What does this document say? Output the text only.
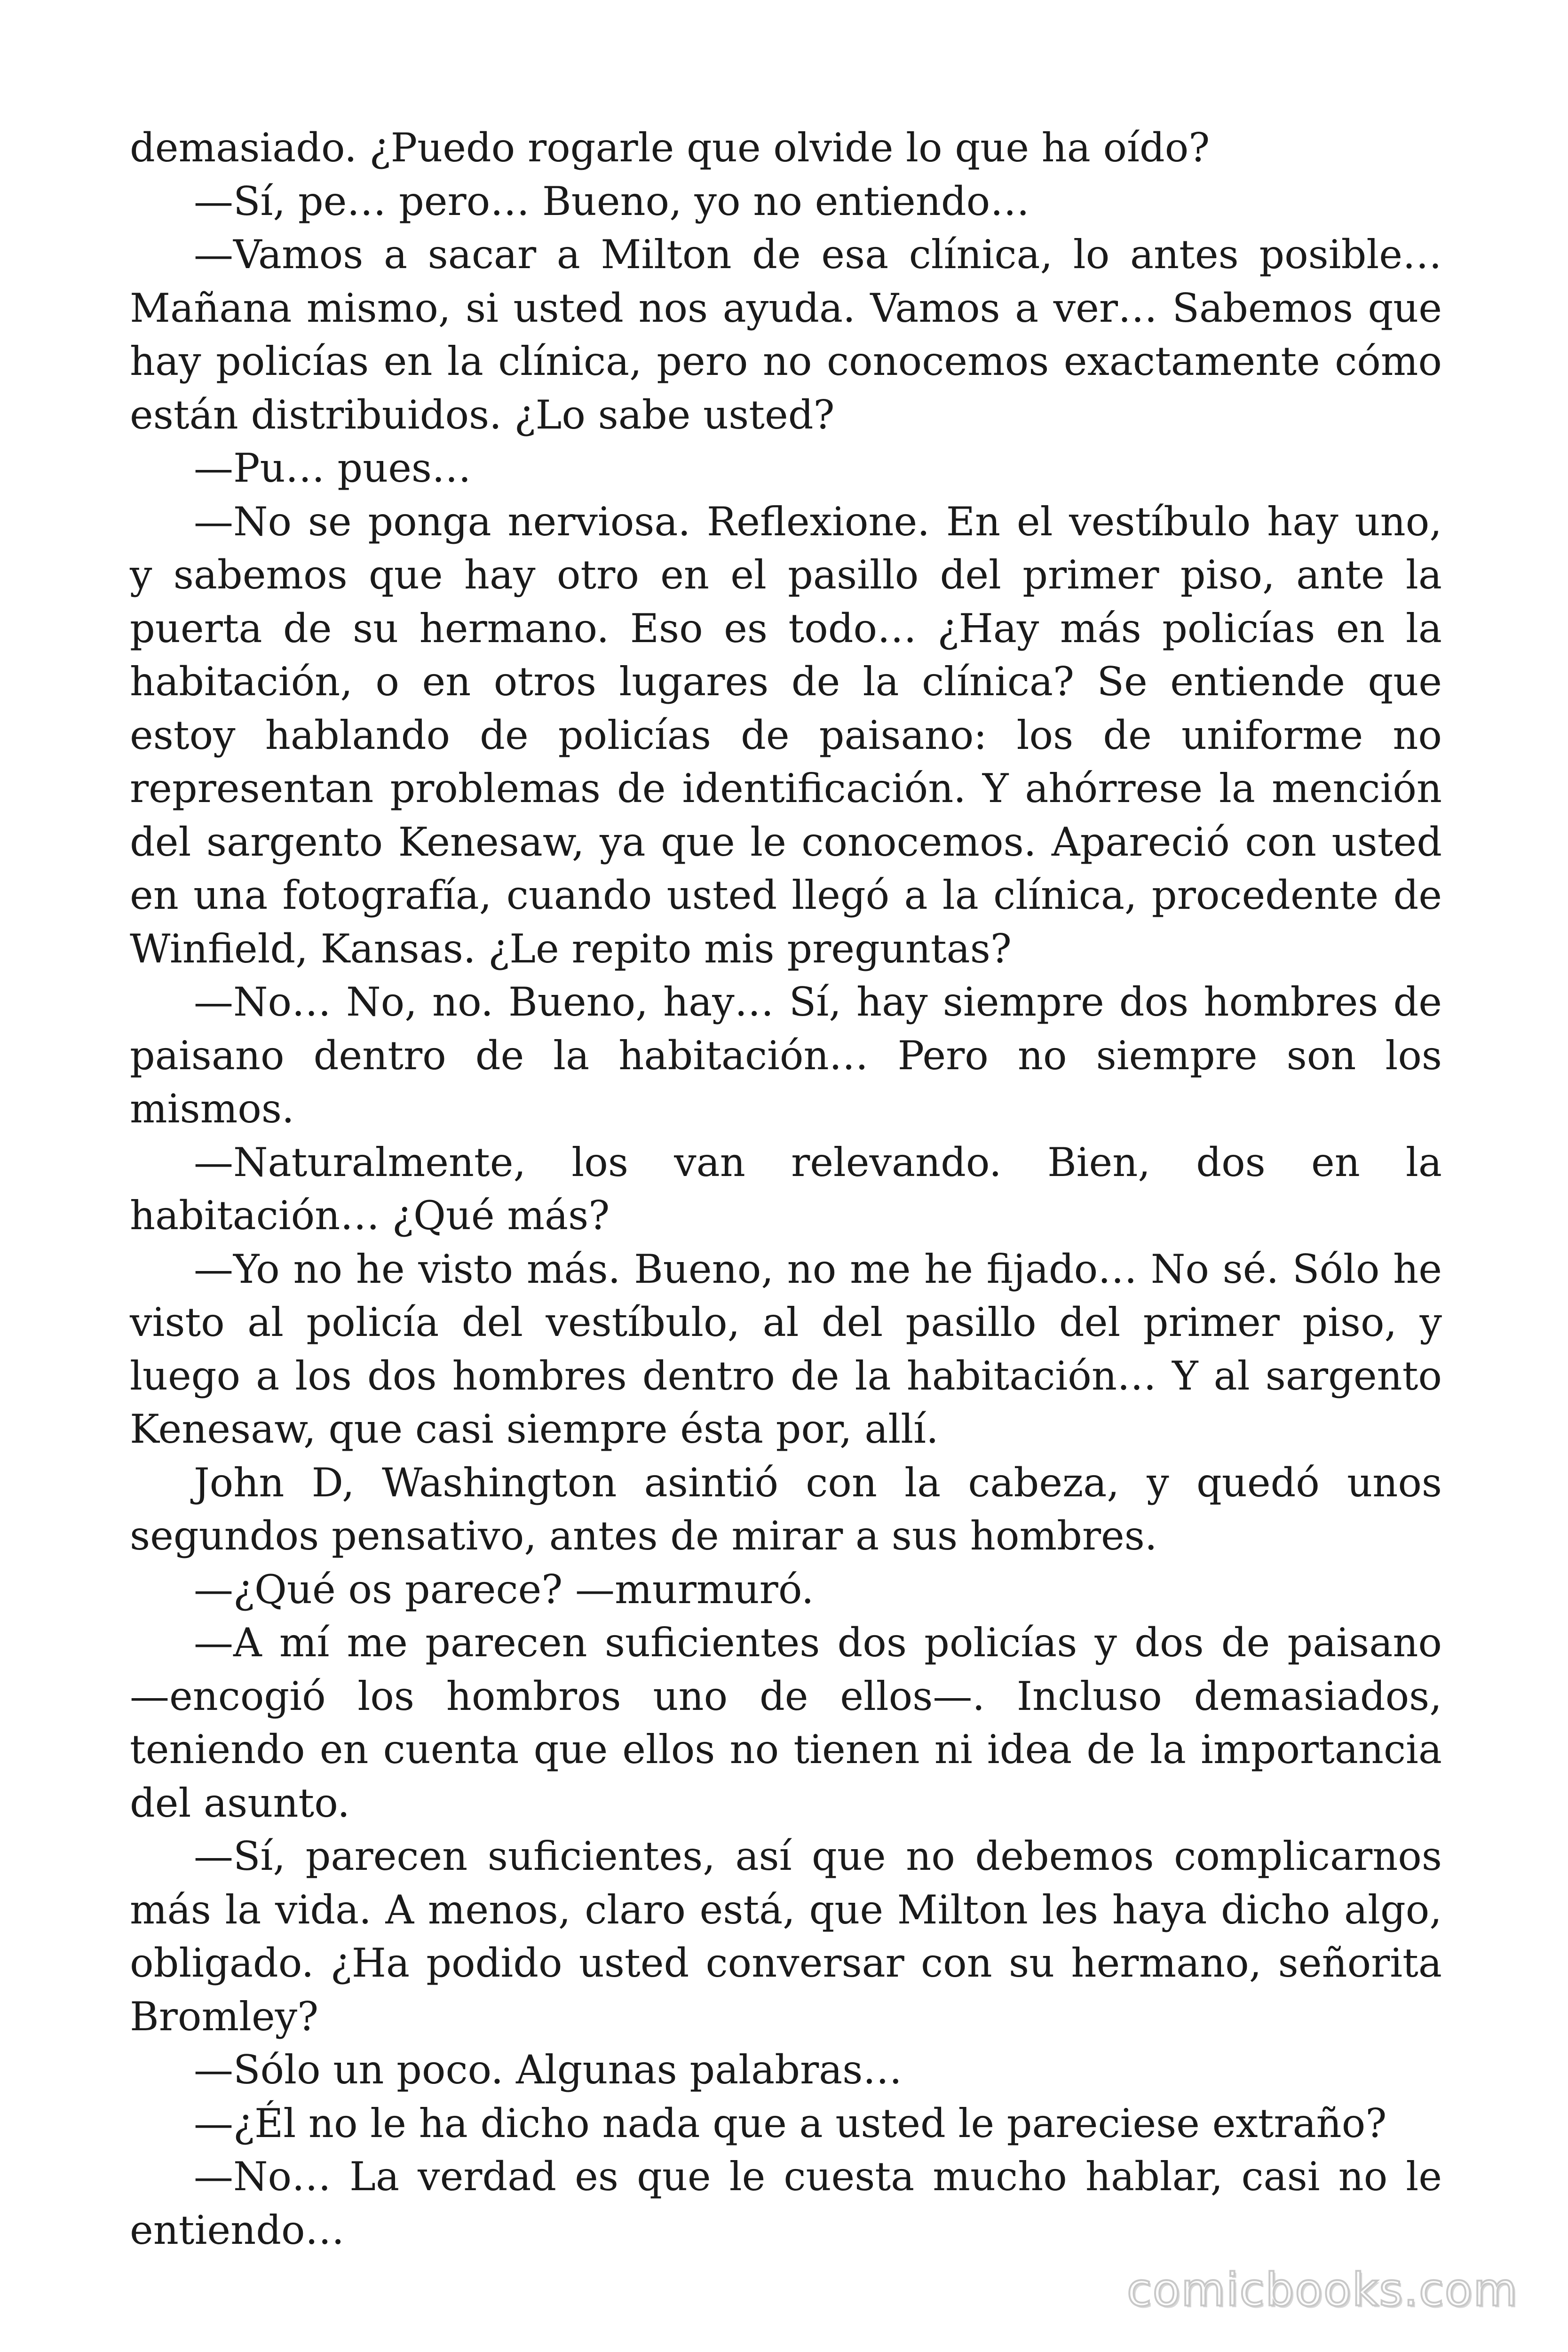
demasiado. ¿Puedo rogarle que olvide lo que ha oído?

—Sí, pe… pero… Bueno, yo no entiendo…

—Vamos a sacar a Milton de esa clínica, lo antes posible… Mañana mismo, si usted nos ayuda. Vamos a ver… Sabemos que hay policías en la clínica, pero no conocemos exactamente cómo están distribuidos. ¿Lo sabe usted?

—Pu… pues…

—No se ponga nerviosa. Reflexione. En el vestíbulo hay uno, y sabemos que hay otro en el pasillo del primer piso, ante la puerta de su hermano. Eso es todo… ¿Hay más policías en la habitación, o en otros lugares de la clínica? Se entiende que estoy hablando de policías de paisano: los de uniforme no representan problemas de identificación. Y ahórrese la mención del sargento Kenesaw, ya que le conocemos. Apareció con usted en una fotografía, cuando usted llegó a la clínica, procedente de Winfield, Kansas. ¿Le repito mis preguntas?

—No… No, no. Bueno, hay… Sí, hay siempre dos hombres de paisano dentro de la habitación… Pero no siempre son los mismos.

—Naturalmente, los van relevando. Bien, dos en la habitación… ¿Qué más?

—Yo no he visto más. Bueno, no me he fijado… No sé. Sólo he visto al policía del vestíbulo, al del pasillo del primer piso, y luego a los dos hombres dentro de la habitación… Y al sargento Kenesaw, que casi siempre ésta por, allí.

John D, Washington asintió con la cabeza, y quedó unos segundos pensativo, antes de mirar a sus hombres.

—¿Qué os parece? —murmuró.

—A mí me parecen suficientes dos policías y dos de paisano —encogió los hombros uno de ellos—. Incluso demasiados, teniendo en cuenta que ellos no tienen ni idea de la importancia del asunto.

—Sí, parecen suficientes, así que no debemos complicarnos más la vida. A menos, claro está, que Milton les haya dicho algo, obligado. ¿Ha podido usted conversar con su hermano, señorita Bromley?

—Sólo un poco. Algunas palabras…

—¿Él no le ha dicho nada que a usted le pareciese extraño?

—No… La verdad es que le cuesta mucho hablar, casi no le entiendo…

comicbooks.com
